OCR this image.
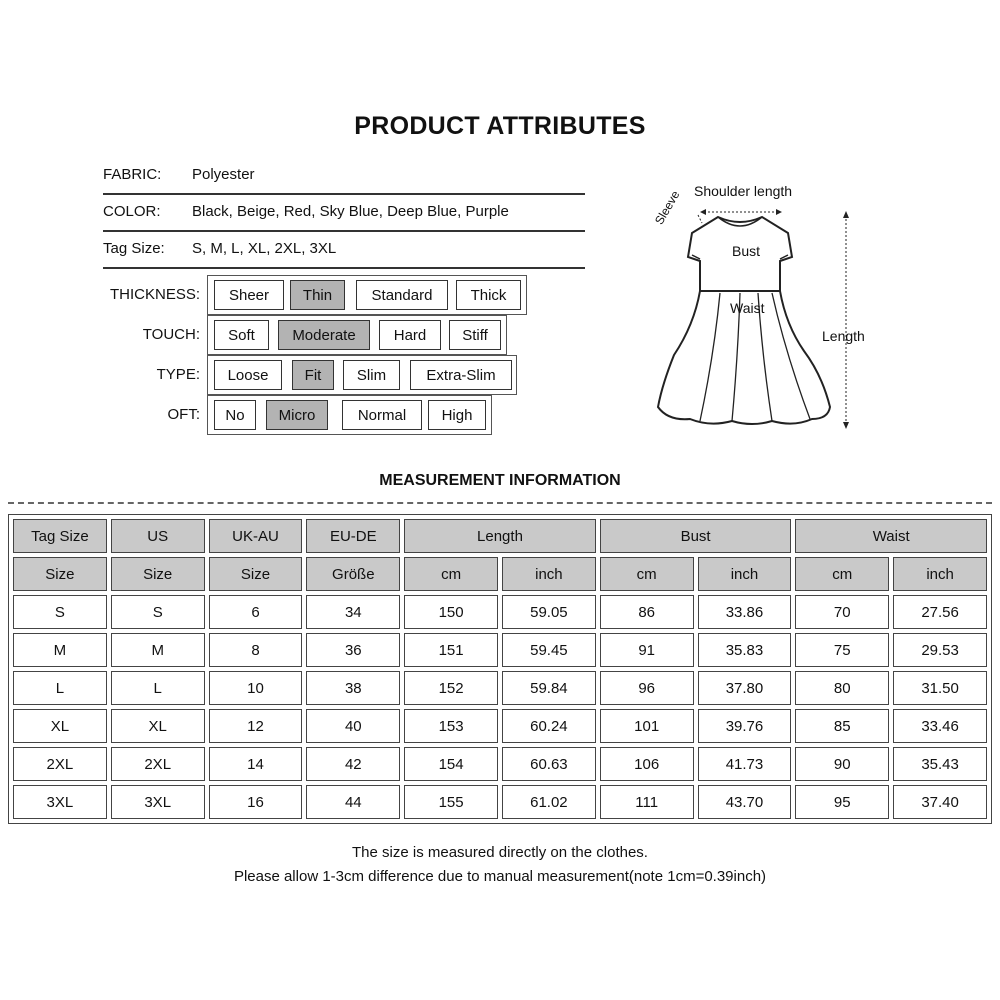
PRODUCT ATTRIBUTES
FABRIC: Polyester
COLOR: Black, Beige, Red, Sky Blue, Deep Blue, Purple
Tag Size: S, M, L, XL, 2XL, 3XL
THICKNESS:	Sheer	Thin	Standard	Thick
TOUCH:	Soft	Moderate	Hard	Stiff
TYPE:	Loose	Fit	Slim	Extra-Slim
OFT:	No	Micro	Normal	High
Shoulder length
Sleeve
Bust
Waist
Length
MEASUREMENT INFORMATION
Tag Size	US	UK-AU	EU-DE	Length		Bust		Waist	
Size	Size	Size	Größe	cm	inch	cm	inch	cm	inch
S	S	6	34	150	59.05	86	33.86	70	27.56
M	M	8	36	151	59.45	91	35.83	75	29.53
L	L	10	38	152	59.84	96	37.80	80	31.50
XL	XL	12	40	153	60.24	101	39.76	85	33.46
2XL	2XL	14	42	154	60.63	106	41.73	90	35.43
3XL	3XL	16	44	155	61.02	111	43.70	95	37.40
The size is measured directly on the clothes.
Please allow 1-3cm difference due to manual measurement(note 1cm=0.39inch)
